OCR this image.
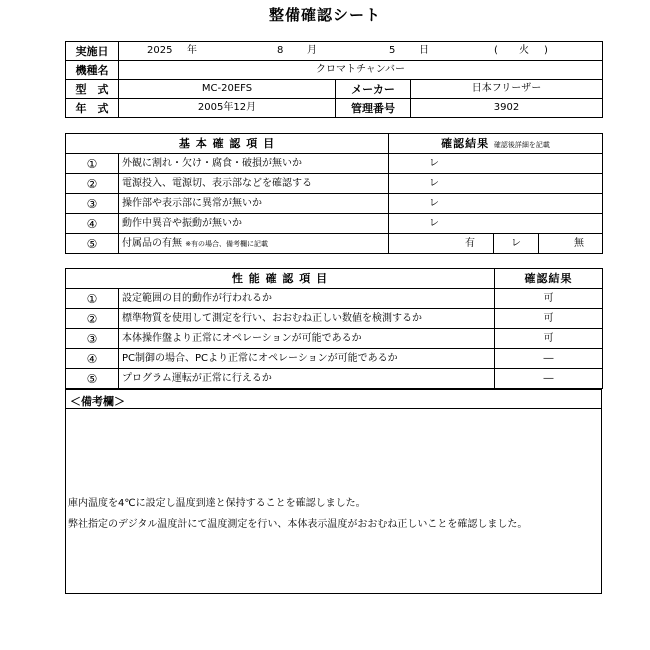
整備確認シート
実施日	2025 年 8 月 5 日 ( 火 )		
機種名	クロマトチャンバー		
型　式	MC-20EFS	メーカー	日本フリーザー
年　式	2005年12月	管理番号	3902
基 本 確 認 項 目		確認結果 確認後詳細を記載		
①	外観に割れ・欠け・腐食・破損が無いか	レ		
②	電源投入、電源切、表示部などを確認する	レ		
③	操作部や表示部に異常が無いか	レ		
④	動作中異音や振動が無いか	レ		
⑤	付属品の有無 ※有の場合、備考欄に記載	有	レ	無
性 能 確 認 項 目		確認結果
①	設定範囲の目的動作が行われるか	可
②	標準物質を使用して測定を行い、おおむね正しい数値を検測するか	可
③	本体操作盤より正常にオペレーションが可能であるか	可
④	PC制御の場合、PCより正常にオペレーションが可能であるか	―
⑤	プログラム運転が正常に行えるか	―
＜備考欄＞
庫内温度を4℃に設定し温度到達と保持することを確認しました。
弊社指定のデジタル温度計にて温度測定を行い、本体表示温度がおおむね正しいことを確認しました。
